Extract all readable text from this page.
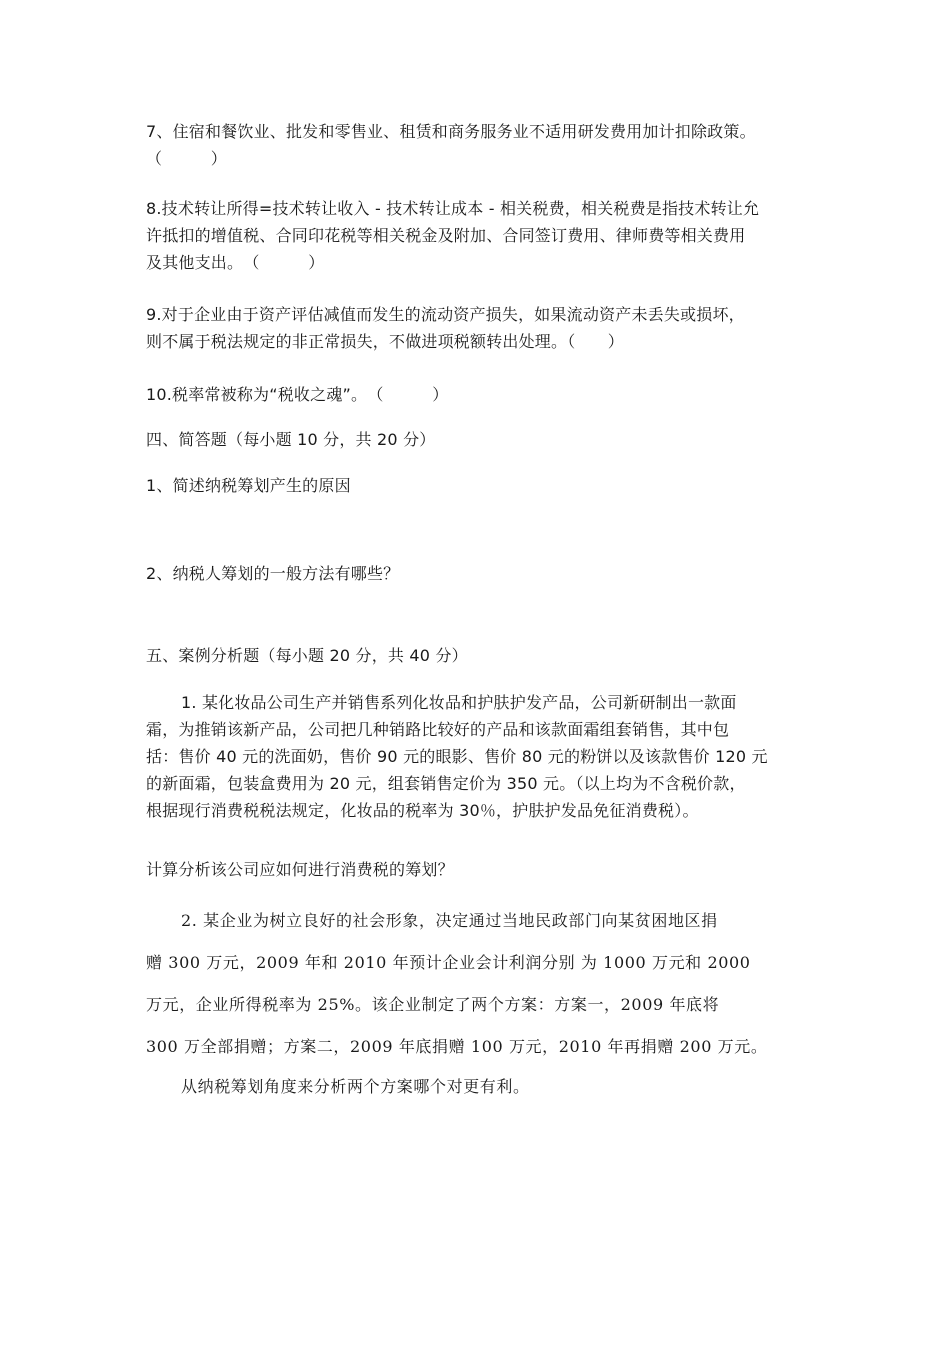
7、住宿和餐饮业、批发和零售业、租赁和商务服务业不适用研发费用加计扣除政策。
（　　　）
8.技术转让所得=技术转让收入 - 技术转让成本 - 相关税费，相关税费是指技术转让允
许抵扣的增值税、合同印花税等相关税金及附加、合同签订费用、律师费等相关费用
及其他支出。　（　　　）
9.对于企业由于资产评估减值而发生的流动资产损失，如果流动资产未丢失或损坏，
则不属于税法规定的非正常损失，不做进项税额转出处理。（　　）
10.税率常被称为“税收之魂”。　（　　　）
四、简答题（每小题 10 分，共 20 分）
1、简述纳税筹划产生的原因
2、纳税人筹划的一般方法有哪些？
五、案例分析题（每小题 20 分，共 40 分）
1. 某化妆品公司生产并销售系列化妆品和护肤护发产品，公司新研制出一款面
霜，为推销该新产品，公司把几种销路比较好的产品和该款面霜组套销售，其中包
括：售价 40 元的洗面奶，售价 90 元的眼影、售价 80 元的粉饼以及该款售价 120 元
的新面霜，包装盒费用为 20 元，组套销售定价为 350 元。（以上均为不含税价款，
根据现行消费税税法规定，化妆品的税率为 30％，护肤护发品免征消费税）。
计算分析该公司应如何进行消费税的筹划？
2. 某企业为树立良好的社会形象，决定通过当地民政部门向某贫困地区捐
赠 300 万元，2009 年和 2010 年预计企业会计利润分别 为 1000 万元和 2000
万元，企业所得税率为 25%。该企业制定了两个方案：方案一，2009 年底将
300 万全部捐赠；方案二，2009 年底捐赠 100 万元，2010 年再捐赠 200 万元。
从纳税筹划角度来分析两个方案哪个对更有利。
